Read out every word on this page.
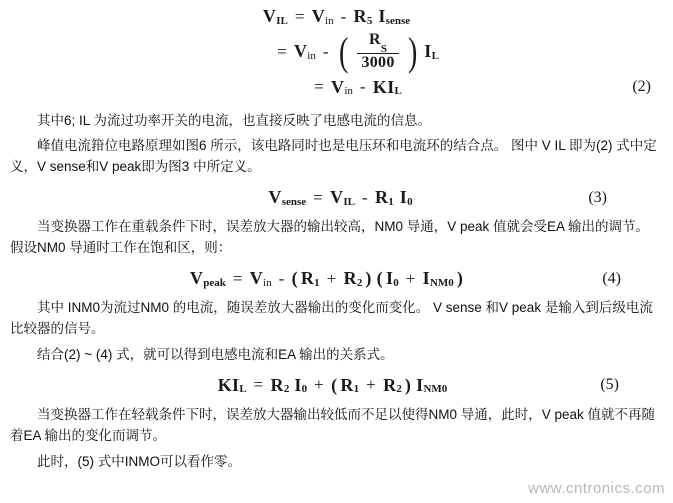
V IL = V in - R 5 I sense
= V in - ( $\frac{R_S}{3000}$ ) I L
= V in - K I L	(2)

其中6; IL 为流过功率开关的电流，也直接反映了电感电流的信息。

峰值电流箝位电路原理如图6 所示，该电路同时也是电压环和电流环的结合点。 图中 V IL 即为(2) 式中定义，V sense和V peak即为图3 中所定义。

V sense = V IL - R 1 I 0	(3)

当变换器工作在重载条件下时，误差放大器的输出较高，NM0 导通，V peak 值就会受EA 输出的调节。 假设NM0 导通时工作在饱和区，则：

V peak = V in - ( R 1 + R 2 ) ( I 0 + I NM0 )	(4)

其中 INM0为流过NM0 的电流，随误差放大器输出的变化而变化。 V sense 和V peak 是输入到后级电流比较器的信号。

结合(2) ~ (4) 式，就可以得到电感电流和EA 输出的关系式。

K I L = R 2 I 0 + ( R 1 + R 2 ) I NM0	(5)

当变换器工作在轻载条件下时，误差放大器输出较低而不足以使得NM0 导通，此时，V peak 值就不再随着EA 输出的变化而调节。

此时，(5) 式中INMO可以看作零。

www.cntronics.com
